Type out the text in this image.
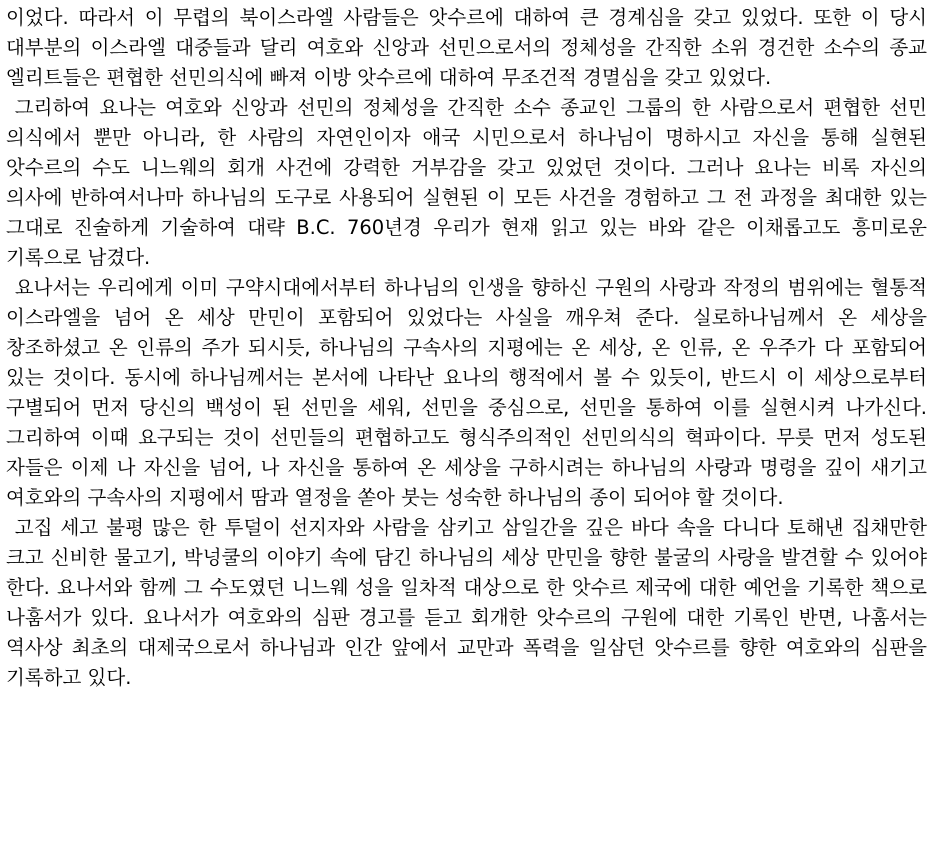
이었다. 따라서 이 무렵의 북이스라엘 사람들은 앗수르에 대하여 큰 경계심을 갖고 있었다. 또한 이 당시 대부분의 이스라엘 대중들과 달리 여호와 신앙과 선민으로서의 정체성을 간직한 소위 경건한 소수의 종교 엘리트들은 편협한 선민의식에 빠져 이방 앗수르에 대하여 무조건적 경멸심을 갖고 있었다.

그리하여 요나는 여호와 신앙과 선민의 정체성을 간직한 소수 종교인 그룹의 한 사람으로서 편협한 선민 의식에서 뿐만 아니라, 한 사람의 자연인이자 애국 시민으로서 하나님이 명하시고 자신을 통해 실현된 앗수르의 수도 니느웨의 회개 사건에 강력한 거부감을 갖고 있었던 것이다. 그러나 요나는 비록 자신의 의사에 반하여서나마 하나님의 도구로 사용되어 실현된 이 모든 사건을 경험하고 그 전 과정을 최대한 있는 그대로 진술하게 기술하여 대략 B.C. 760년경 우리가 현재 읽고 있는 바와 같은 이채롭고도 흥미로운 기록으로 남겼다.

요나서는 우리에게 이미 구약시대에서부터 하나님의 인생을 향하신 구원의 사랑과 작정의 범위에는 혈통적 이스라엘을 넘어 온 세상 만민이 포함되어 있었다는 사실을 깨우쳐 준다. 실로하나님께서 온 세상을 창조하셨고 온 인류의 주가 되시듯, 하나님의 구속사의 지평에는 온 세상, 온 인류, 온 우주가 다 포함되어 있는 것이다. 동시에 하나님께서는 본서에 나타난 요나의 행적에서 볼 수 있듯이, 반드시 이 세상으로부터 구별되어 먼저 당신의 백성이 된 선민을 세워, 선민을 중심으로, 선민을 통하여 이를 실현시켜 나가신다. 그리하여 이때 요구되는 것이 선민들의 편협하고도 형식주의적인 선민의식의 혁파이다. 무릇 먼저 성도된 자들은 이제 나 자신을 넘어, 나 자신을 통하여 온 세상을 구하시려는 하나님의 사랑과 명령을 깊이 새기고 여호와의 구속사의 지평에서 땀과 열정을 쏟아 붓는 성숙한 하나님의 종이 되어야 할 것이다.

고집 세고 불평 많은 한 투덜이 선지자와 사람을 삼키고 삼일간을 깊은 바다 속을 다니다 토해낸 집채만한 크고 신비한 물고기, 박넝쿨의 이야기 속에 담긴 하나님의 세상 만민을 향한 불굴의 사랑을 발견할 수 있어야 한다. 요나서와 함께 그 수도였던 니느웨 성을 일차적 대상으로 한 앗수르 제국에 대한 예언을 기록한 책으로 나훔서가 있다. 요나서가 여호와의 심판 경고를 듣고 회개한 앗수르의 구원에 대한 기록인 반면, 나훔서는 역사상 최초의 대제국으로서 하나님과 인간 앞에서 교만과 폭력을 일삼던 앗수르를 향한 여호와의 심판을 기록하고 있다.
